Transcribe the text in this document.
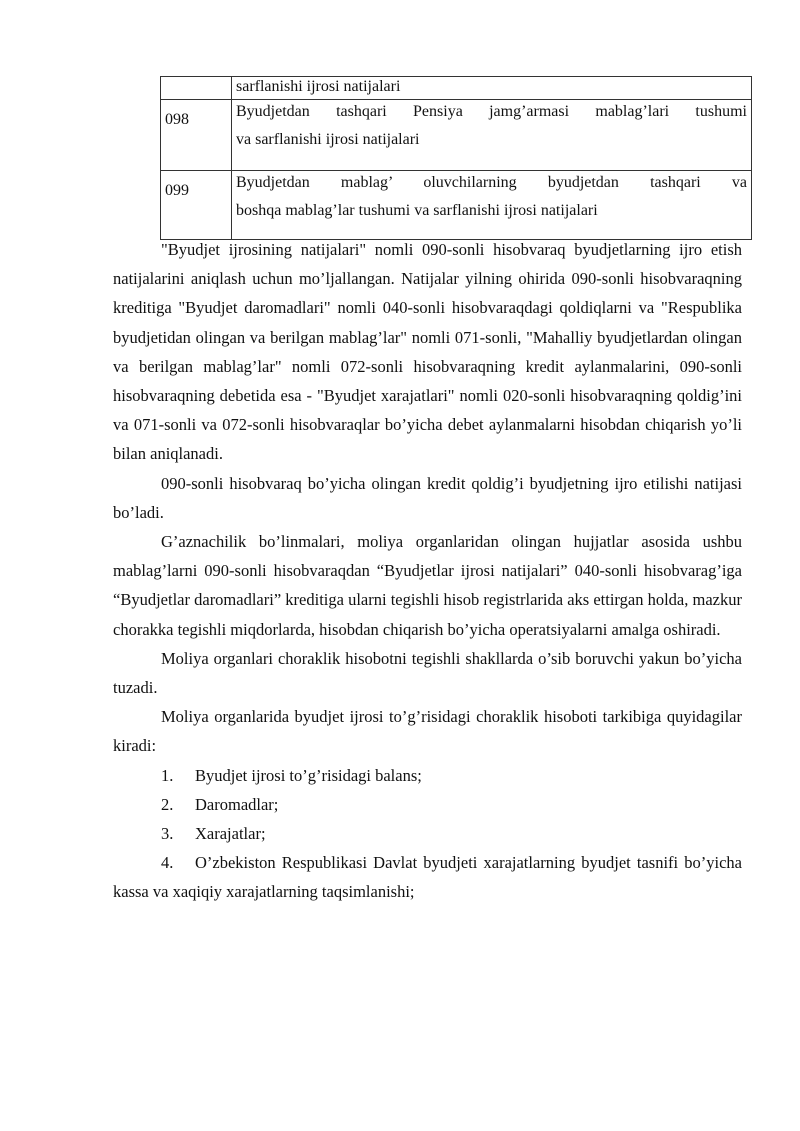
	sarflanishi ijrosi natijalari

098	Byudjetdan tashqari Pensiya jamg’armasi mablag’lari tushumi
va sarflanishi ijrosi natijalari

099	Byudjetdan mablag’ oluvchilarning byudjetdan tashqari va
boshqa mablag’lar tushumi va sarflanishi ijrosi natijalari

"Byudjet ijrosining natijalari" nomli 090-sonli hisobvaraq byudjetlarning ijro etish natijalarini aniqlash uchun mo’ljallangan. Natijalar yilning ohirida 090-sonli hisobvaraqning kreditiga "Byudjet daromadlari" nomli 040-sonli hisobvaraqdagi qoldiqlarni va "Respublika byudjetidan olingan va berilgan mablag’lar" nomli 071-sonli, "Mahalliy byudjetlardan olingan va berilgan mablag’lar" nomli 072-sonli hisobvaraqning kredit aylanmalarini, 090-sonli hisobvaraqning debetida esa - "Byudjet xarajatlari" nomli 020-sonli hisobvaraqning qoldig’ini va 071-sonli va 072-sonli hisobvaraqlar bo’yicha debet aylanmalarni hisobdan chiqarish yo’li bilan aniqlanadi.

090-sonli hisobvaraq bo’yicha olingan kredit qoldig’i byudjetning ijro etilishi natijasi bo’ladi.

G’aznachilik bo’linmalari, moliya organlaridan olingan hujjatlar asosida ushbu mablag’larni 090-sonli hisobvaraqdan “Byudjetlar ijrosi natijalari” 040-sonli hisobvarag’iga “Byudjetlar daromadlari” kreditiga ularni tegishli hisob registrlarida aks ettirgan holda, mazkur chorakka tegishli miqdorlarda, hisobdan chiqarish bo’yicha operatsiyalarni amalga oshiradi.

Moliya organlari choraklik hisobotni tegishli shakllarda o’sib boruvchi yakun bo’yicha tuzadi.

Moliya organlarida byudjet ijrosi to’g’risidagi choraklik hisoboti tarkibiga quyidagilar kiradi:

1. Byudjet ijrosi to’g’risidagi balans;

2. Daromadlar;

3. Xarajatlar;

4. O’zbekiston Respublikasi Davlat byudjeti xarajatlarning byudjet tasnifi bo’yicha kassa va xaqiqiy xarajatlarning taqsimlanishi;
